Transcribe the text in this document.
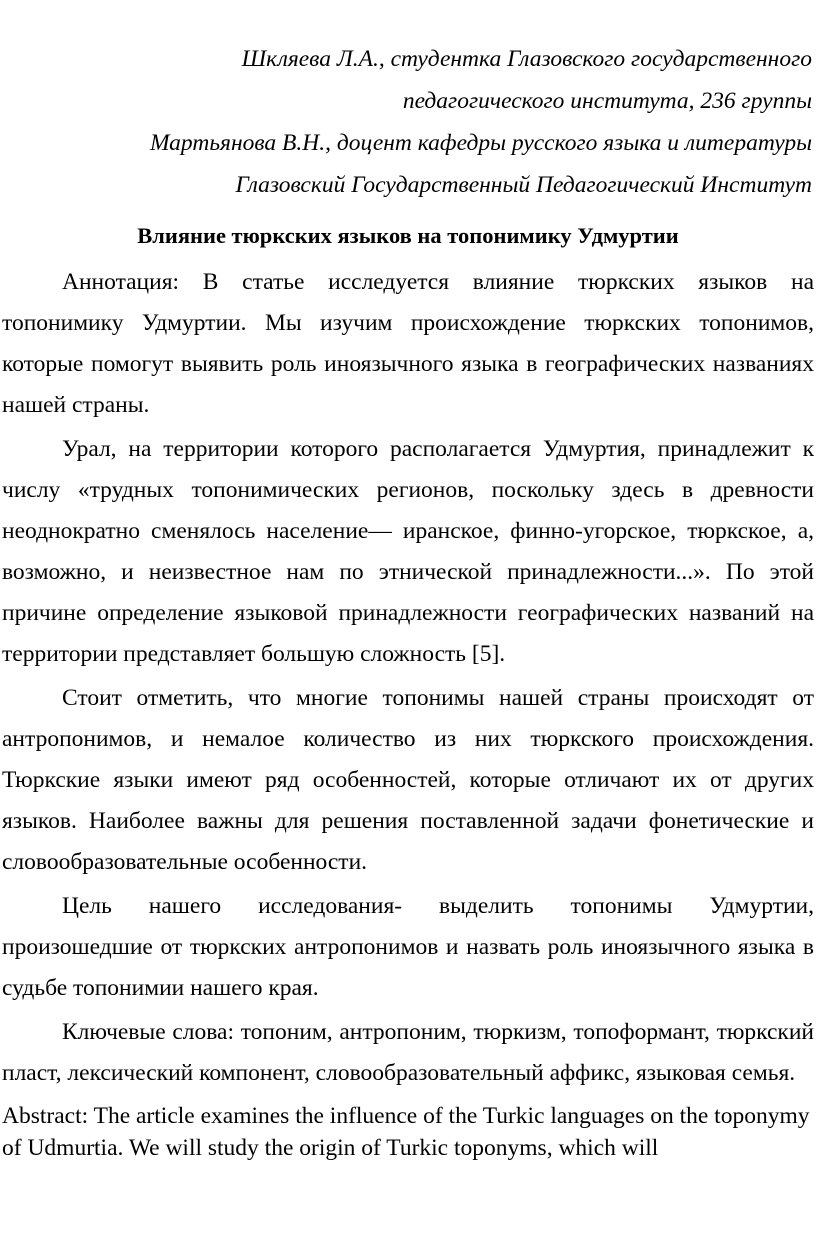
Шкляева Л.А., студентка Глазовского государственного

педагогического института, 236 группы

Мартьянова В.Н., доцент кафедры русского языка и литературы

Глазовский Государственный Педагогический Институт

Влияние тюркских языков на топонимику Удмуртии

Аннотация: В статье исследуется влияние тюркских языков на топонимику Удмуртии. Мы изучим происхождение тюркских топонимов, которые помогут выявить роль иноязычного языка в географических названиях нашей страны.

Урал, на территории которого располагается Удмуртия, принадлежит к числу «трудных топонимических регионов, поскольку здесь в древности неоднократно сменялось население— иранское, финно-угорское, тюркское, а, возможно, и неизвестное нам по этнической принадлежности...». По этой причине определение языковой принадлежности географических названий на территории представляет большую сложность [5].

Стоит отметить, что многие топонимы нашей страны происходят от антропонимов, и немалое количество из них тюркского происхождения. Тюркские языки имеют ряд особенностей, которые отличают их от других языков. Наиболее важны для решения поставленной задачи фонетические и словообразовательные особенности.

Цель нашего исследования- выделить топонимы Удмуртии, произошедшие от тюркских антропонимов и назвать роль иноязычного языка в судьбе топонимии нашего края.

Ключевые слова: топоним, антропоним, тюркизм, топоформант, тюркский пласт, лексический компонент, словообразовательный аффикс, языковая семья.

Abstract: The article examines the influence of the Turkic languages on the toponymy of Udmurtia. We will study the origin of Turkic toponyms, which will
